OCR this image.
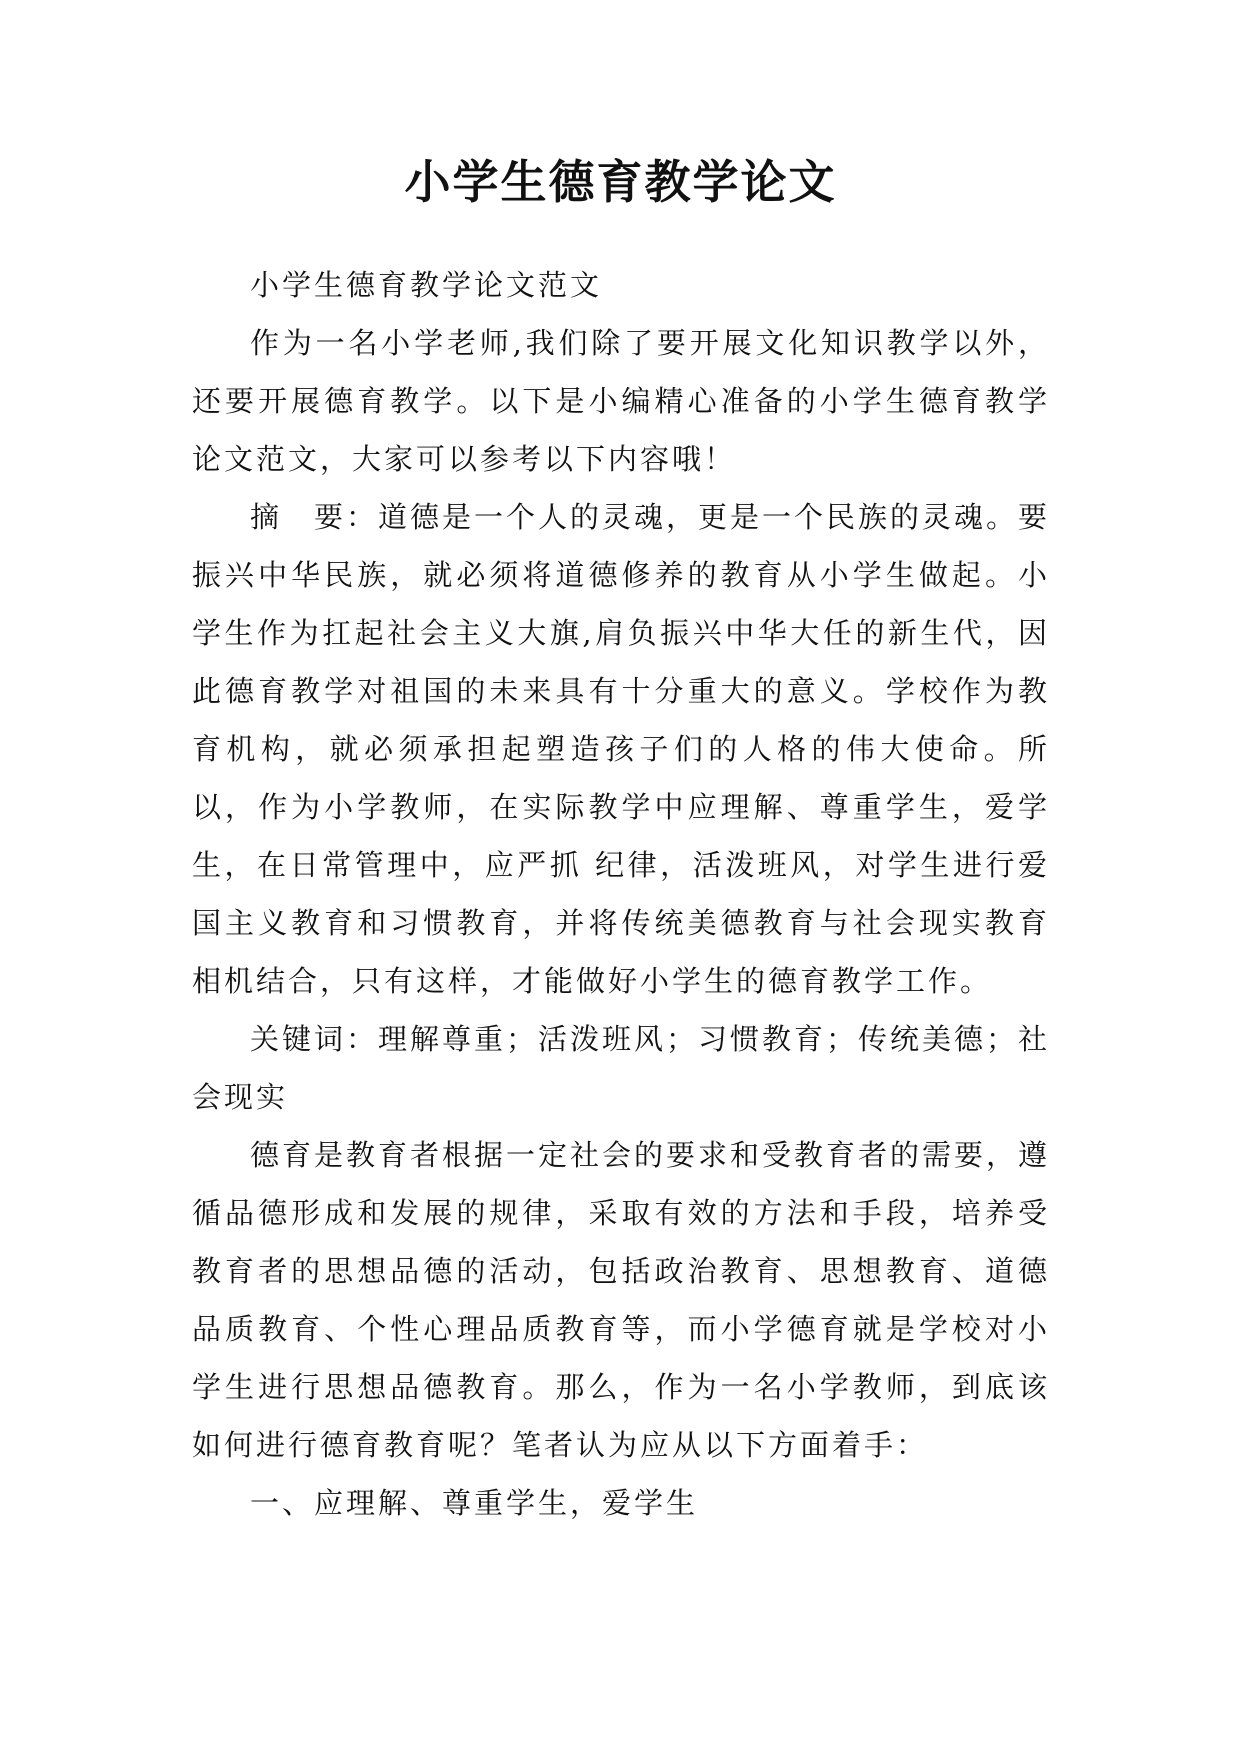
小学生德育教学论文

小学生德育教学论文范文

作为一名小学老师,我们除了要开展文化知识教学以外，还要开展德育教学。以下是小编精心准备的小学生德育教学论文范文，大家可以参考以下内容哦！

摘　要：道德是一个人的灵魂，更是一个民族的灵魂。要振兴中华民族，就必须将道德修养的教育从小学生做起。小学生作为扛起社会主义大旗,肩负振兴中华大任的新生代，因此德育教学对祖国的未来具有十分重大的意义。学校作为教育机构，就必须承担起塑造孩子们的人格的伟大使命。所以，作为小学教师，在实际教学中应理解、尊重学生，爱学生，在日常管理中，应严抓 纪律，活泼班风，对学生进行爱国主义教育和习惯教育，并将传统美德教育与社会现实教育相机结合，只有这样，才能做好小学生的德育教学工作。

关键词：理解尊重；活泼班风；习惯教育；传统美德；社会现实

德育是教育者根据一定社会的要求和受教育者的需要，遵循品德形成和发展的规律，采取有效的方法和手段，培养受教育者的思想品德的活动，包括政治教育、思想教育、道德品质教育、个性心理品质教育等，而小学德育就是学校对小学生进行思想品德教育。那么，作为一名小学教师，到底该如何进行德育教育呢？笔者认为应从以下方面着手：

一、应理解、尊重学生，爱学生
